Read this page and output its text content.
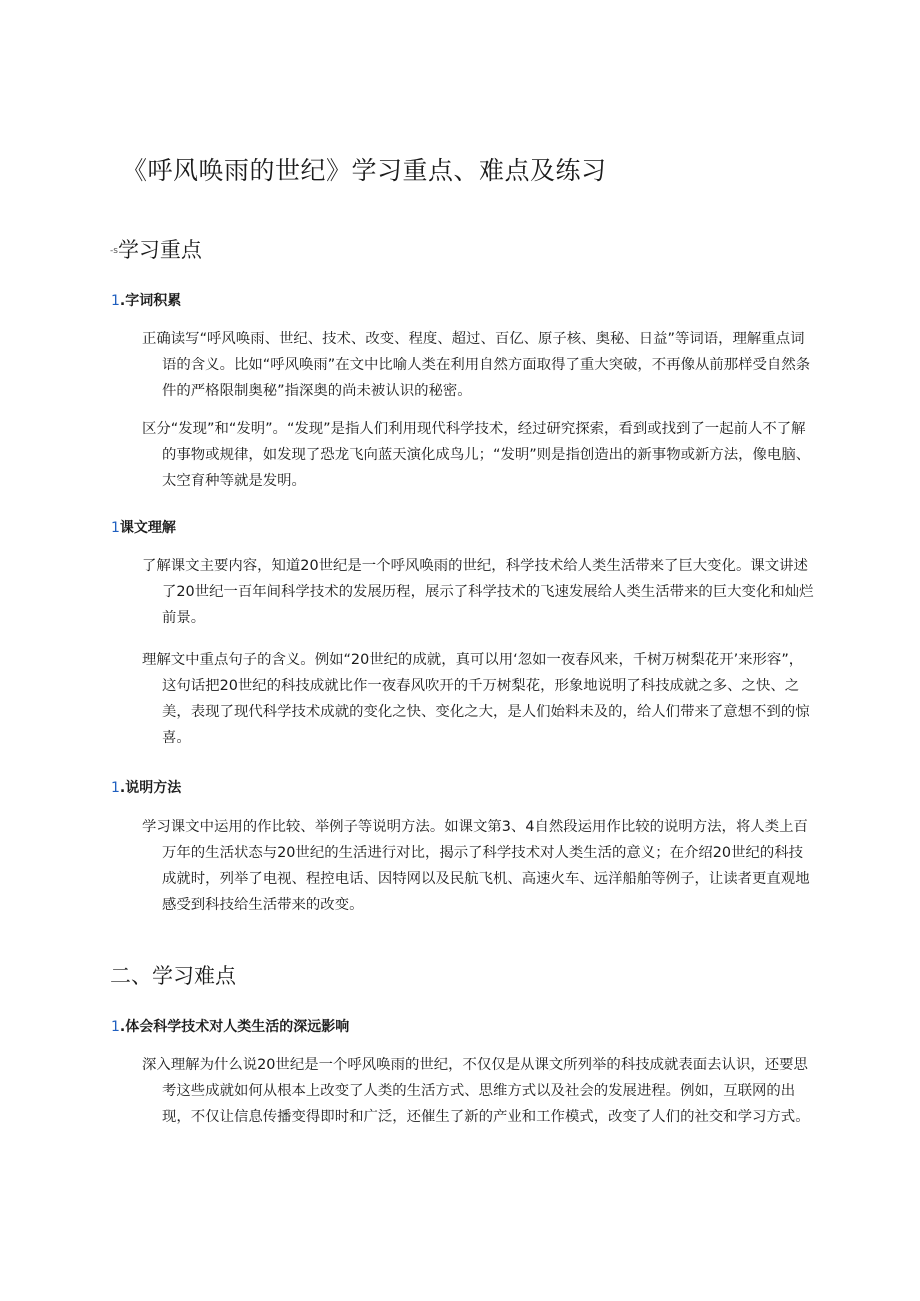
《呼风唤雨的世纪》学习重点、难点及练习
-s学习重点
1.字词积累

正确读写“呼风唤雨、世纪、技术、改变、程度、超过、百亿、原子核、奥秘、日益”等词语，理解重点词语的含义。比如“呼风唤雨”在文中比喻人类在利用自然方面取得了重大突破，不再像从前那样受自然条件的严格限制奥秘”指深奥的尚未被认识的秘密。

区分“发现”和“发明”。“发现”是指人们利用现代科学技术，经过研究探索，看到或找到了一起前人不了解的事物或规律，如发现了恐龙飞向蓝天演化成鸟儿；“发明”则是指创造出的新事物或新方法，像电脑、太空育种等就是发明。

1课文理解

了解课文主要内容，知道20世纪是一个呼风唤雨的世纪，科学技术给人类生活带来了巨大变化。课文讲述了20世纪一百年间科学技术的发展历程，展示了科学技术的飞速发展给人类生活带来的巨大变化和灿烂前景。

理解文中重点句子的含义。例如“20世纪的成就，真可以用‘忽如一夜春风来，千树万树梨花开’来形容”，这句话把20世纪的科技成就比作一夜春风吹开的千万树梨花，形象地说明了科技成就之多、之快、之美，表现了现代科学技术成就的变化之快、变化之大，是人们始料未及的，给人们带来了意想不到的惊喜。

1.说明方法

学习课文中运用的作比较、举例子等说明方法。如课文第3、4自然段运用作比较的说明方法，将人类上百万年的生活状态与20世纪的生活进行对比，揭示了科学技术对人类生活的意义；在介绍20世纪的科技成就时，列举了电视、程控电话、因特网以及民航飞机、高速火车、远洋船舶等例子，让读者更直观地感受到科技给生活带来的改变。

二、学习难点
1.体会科学技术对人类生活的深远影响

深入理解为什么说20世纪是一个呼风唤雨的世纪，不仅仅是从课文所列举的科技成就表面去认识，还要思考这些成就如何从根本上改变了人类的生活方式、思维方式以及社会的发展进程。例如，互联网的出现，不仅让信息传播变得即时和广泛，还催生了新的产业和工作模式，改变了人们的社交和学习方式。
